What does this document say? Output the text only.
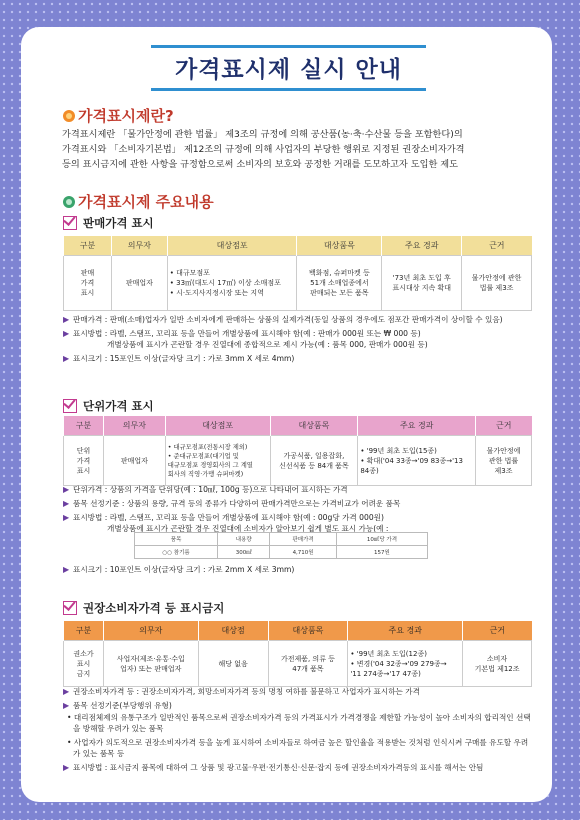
가격표시제 실시 안내
가격표시제란?

가격표시제란 「물가안정에 관한 법률」 제3조의 규정에 의해 공산품(농·축·수산물 등을 포함한다)의

가격표시와 「소비자기본법」 제12조의 규정에 의해 사업자의 부당한 행위로 지정된 권장소비자가격

등의 표시금지에 관한 사항을 규정함으로써 소비자의 보호와 공정한 거래를 도모하고자 도입한 제도

가격표시제 주요내용
판매가격 표시
구분	의무자	대상점포	대상품목	주요 경과	근거
판매
가격
표시	판매업자	• 대규모점포
• 33㎡(대도시 17㎡) 이상 소매점포
• 시·도지사지정시장 또는 지역	백화점, 슈퍼마켓 등
51개 소매업종에서
판매되는 모든 품목	'73년 최초 도입 후
표시대상 지속 확대	물가안정에 관한
법률 제3조
▶ 판매가격 : 판매(소매)업자가 일반 소비자에게 판매하는 상품의 실제가격(동일 상품의 경우에도 점포간 판매가격이 상이할 수 있음)
▶ 표시방법 : 라벨, 스탬프, 꼬리표 등을 만들어 개별상품에 표시해야 함(예 : 판매가 000원 또는 ₩ 000 등)
개별상품에 표시가 곤란할 경우 진열대에 종합적으로 제시 가능(예 : 품목 000, 판매가 000원 등)
▶ 표시크기 : 15포인트 이상(글자당 크기 : 가로 3mm X 세로 4mm)
단위가격 표시
구분	의무자	대상점포	대상품목	주요 경과	근거
단위
가격
표시	판매업자	• 대규모점포(전통시장 제외)
• 준대규모점포(대기업 및
대규모점포 경영회사의 그 계열
회사의 직영·가맹 슈퍼마켓)	가공식품, 일용잡화,
신선식품 등 84개 품목	• '99년 최초 도입(15종)
• 확대('04 33종→'09 83종→'13 84종)	물가안정에
관한 법률
제3조
▶ 단위가격 : 상품의 가격을 단위당(예 : 10㎖, 100g 등)으로 나타내어 표시하는 가격
▶ 품목 선정기준 : 상품의 용량, 규격 등의 종류가 다양하여 판매가격만으로는 가격비교가 어려운 품목
▶ 표시방법 : 라벨, 스탬프, 꼬리표 등을 만들어 개별상품에 표시해야 함(예 : 00g당 가격 000원)
개별상품에 표시가 곤란할 경우 진열대에 소비자가 알아보기 쉽게 별도 표시 가능(예 :
품목	내용량	판매가격	10㎖당 가격
○○ 참기름	300㎖	4,710원	157원
▶ 표시크기 : 10포인트 이상(글자당 크기 : 가로 2mm X 세로 3mm)
권장소비자가격 등 표시금지
구분	의무자	대상점	대상품목	주요 경과	근거
권소가
표시
금지	사업자(제조·유통·수입
업자) 또는 판매업자	해당 없음	가전제품, 의류 등
47개 품목	• '99년 최초 도입(12종)
• 변경('04 32종→'09 279종→
'11 274종→'17 47종)	소비자
기본법 제12조
▶ 권장소비자가격 등 : 권장소비자가격, 희망소비자가격 등의 명칭 여하를 불문하고 사업자가 표시하는 가격
▶ 품목 선정기준(부당행위 유형)
• 대리점체제의 유통구조가 일반적인 품목으로써 권장소비자가격 등의 가격표시가 가격경쟁을 제한할 가능성이 높아 소비자의 합리적인 선택을 방해할 우려가 있는 품목
• 사업자가 의도적으로 권장소비자가격 등을 높게 표시하여 소비자들로 하여금 높은 할인율을 적용받는 것처럼 인식시켜 구매를 유도할 우려가 있는 품목 등
▶ 표시방법 : 표시금지 품목에 대하여 그 상품 및 광고물·우편·전기통신·신문·잡지 등에 권장소비자가격등의 표시를 해서는 안됨
